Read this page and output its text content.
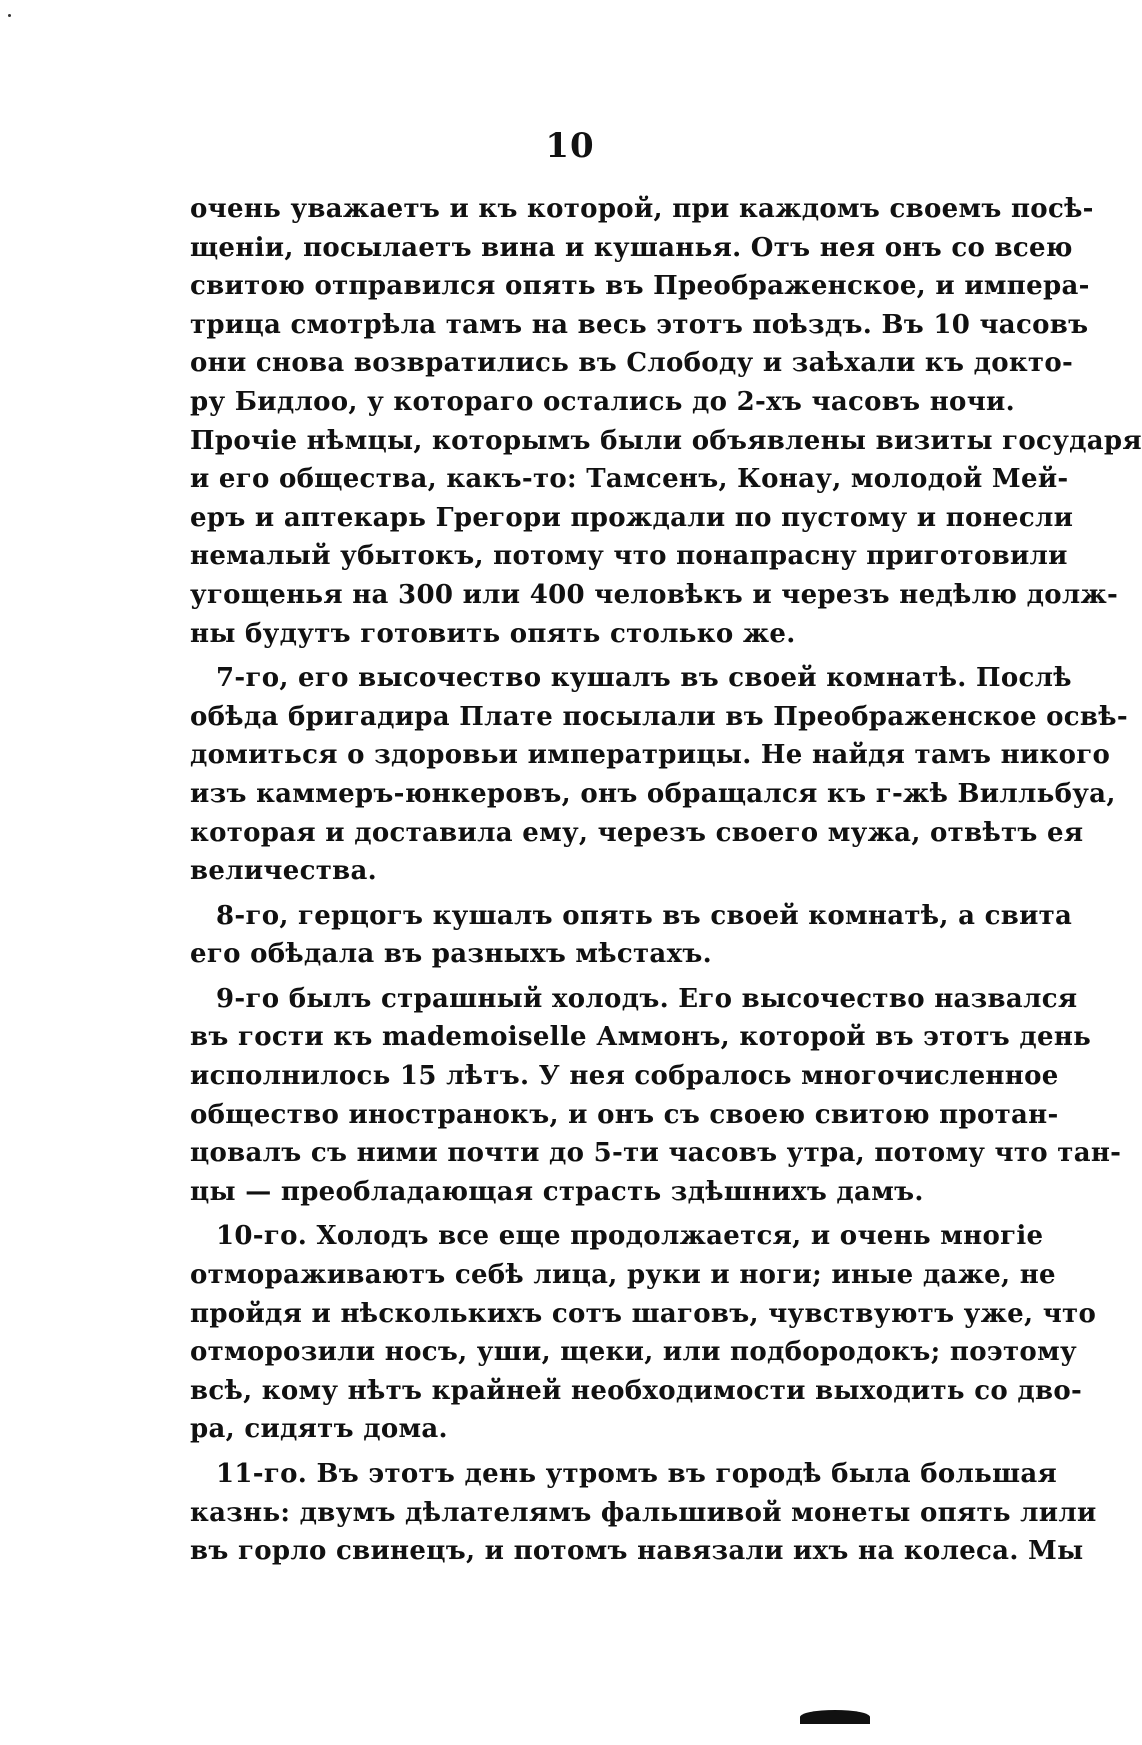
10
очень уважаетъ и къ которой, при каждомъ своемъ посѣ-
щеніи, посылаетъ вина и кушанья. Отъ нея онъ со всею
свитою отправился опять въ Преображенское, и импера-
трица смотрѣла тамъ на весь этотъ поѣздъ. Въ 10 часовъ
они снова возвратились въ Слободу и заѣхали къ докто-
ру Бидлоо, у котораго остались до 2-хъ часовъ ночи.
Прочіе нѣмцы, которымъ были объявлены визиты государя
и его общества, какъ-то: Тамсенъ, Конау, молодой Мей-
еръ и аптекарь Грегори прождали по пустому и понесли
немалый убытокъ, потому что понапрасну приготовили
угощенья на 300 или 400 человѣкъ и черезъ недѣлю долж-
ны будутъ готовить опять столько же.
7-го, его высочество кушалъ въ своей комнатѣ. Послѣ
обѣда бригадира Плате посылали въ Преображенское освѣ-
домиться о здоровьи императрицы. Не найдя тамъ никого
изъ каммеръ-юнкеровъ, онъ обращался къ г-жѣ Вилльбуа,
которая и доставила ему, черезъ своего мужа, отвѣтъ ея
величества.
8-го, герцогъ кушалъ опять въ своей комнатѣ, а свита
его обѣдала въ разныхъ мѣстахъ.
9-го былъ страшный холодъ. Его высочество назвался
въ гости къ mademoiselle Аммонъ, которой въ этотъ день
исполнилось 15 лѣтъ. У нея собралось многочисленное
общество иностранокъ, и онъ съ своею свитою протан-
цовалъ съ ними почти до 5-ти часовъ утра, потому что тан-
цы — преобладающая страсть здѣшнихъ дамъ.
10-го. Холодъ все еще продолжается, и очень многіе
отмораживаютъ себѣ лица, руки и ноги; иные даже, не
пройдя и нѣсколькихъ сотъ шаговъ, чувствуютъ уже, что
отморозили носъ, уши, щеки, или подбородокъ; поэтому
всѣ, кому нѣтъ крайней необходимости выходить со дво-
ра, сидятъ дома.
11-го. Въ этотъ день утромъ въ городѣ была большая
казнь: двумъ дѣлателямъ фальшивой монеты опять лили
въ горло свинецъ, и потомъ навязали ихъ на колеса. Мы
